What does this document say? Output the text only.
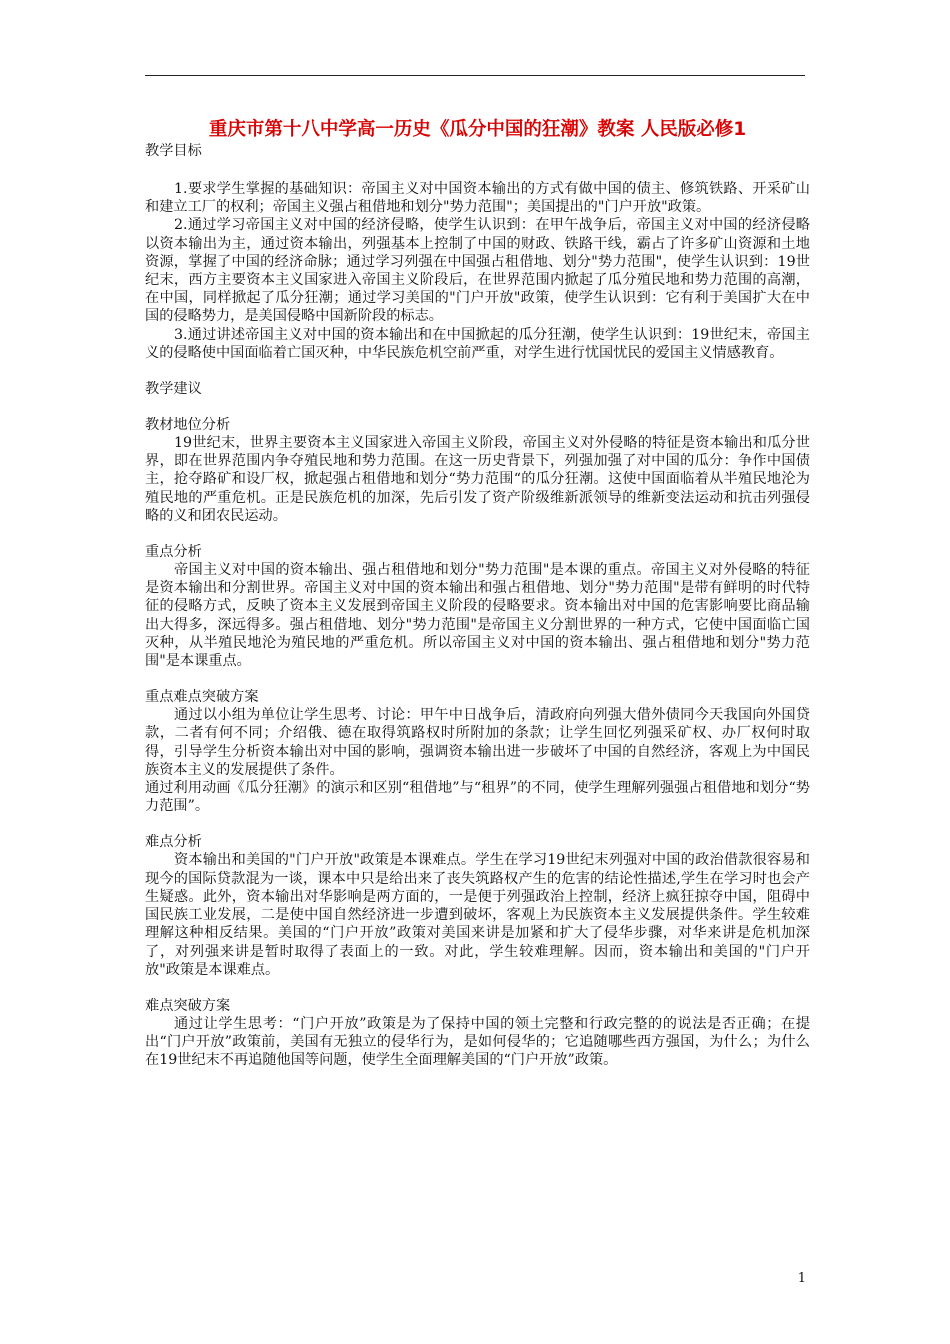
重庆市第十八中学高一历史《瓜分中国的狂潮》教案 人民版必修1
教学目标

1.要求学生掌握的基础知识：帝国主义对中国资本输出的方式有做中国的债主、修筑铁路、开采矿山和建立工厂的权利；帝国主义强占租借地和划分"势力范围"；美国提出的"门户开放"政策。

2.通过学习帝国主义对中国的经济侵略，使学生认识到：在甲午战争后，帝国主义对中国的经济侵略以资本输出为主，通过资本输出，列强基本上控制了中国的财政、铁路干线，霸占了许多矿山资源和土地资源，掌握了中国的经济命脉；通过学习列强在中国强占租借地、划分"势力范围"，使学生认识到：19世纪末，西方主要资本主义国家进入帝国主义阶段后，在世界范围内掀起了瓜分殖民地和势力范围的高潮，在中国，同样掀起了瓜分狂潮；通过学习美国的"门户开放"政策，使学生认识到：它有利于美国扩大在中国的侵略势力，是美国侵略中国新阶段的标志。

3.通过讲述帝国主义对中国的资本输出和在中国掀起的瓜分狂潮，使学生认识到：19世纪末，帝国主义的侵略使中国面临着亡国灭种，中华民族危机空前严重，对学生进行忧国忧民的爱国主义情感教育。

教学建议
教材地位分析

19世纪末，世界主要资本主义国家进入帝国主义阶段，帝国主义对外侵略的特征是资本输出和瓜分世界，即在世界范围内争夺殖民地和势力范围。在这一历史背景下，列强加强了对中国的瓜分：争作中国债主，抢夺路矿和设厂权，掀起强占租借地和划分“势力范围“的瓜分狂潮。这使中国面临着从半殖民地沦为殖民地的严重危机。正是民族危机的加深，先后引发了资产阶级维新派领导的维新变法运动和抗击列强侵略的义和团农民运动。

重点分析

帝国主义对中国的资本输出、强占租借地和划分"势力范围"是本课的重点。帝国主义对外侵略的特征是资本输出和分割世界。帝国主义对中国的资本输出和强占租借地、划分"势力范围"是带有鲜明的时代特征的侵略方式，反映了资本主义发展到帝国主义阶段的侵略要求。资本输出对中国的危害影响要比商品输出大得多，深远得多。强占租借地、划分"势力范围"是帝国主义分割世界的一种方式，它使中国面临亡国灭种，从半殖民地沦为殖民地的严重危机。所以帝国主义对中国的资本输出、强占租借地和划分"势力范围"是本课重点。

重点难点突破方案

通过以小组为单位让学生思考、讨论：甲午中日战争后，清政府向列强大借外债同今天我国向外国贷款，二者有何不同；介绍俄、德在取得筑路权时所附加的条款；让学生回忆列强采矿权、办厂权何时取得，引导学生分析资本输出对中国的影响，强调资本输出进一步破坏了中国的自然经济，客观上为中国民族资本主义的发展提供了条件。

通过利用动画《瓜分狂潮》的演示和区别“租借地”与“租界”的不同，使学生理解列强强占租借地和划分“势力范围”。

难点分析

资本输出和美国的"门户开放"政策是本课难点。学生在学习19世纪末列强对中国的政治借款很容易和现今的国际贷款混为一谈，课本中只是给出来了丧失筑路权产生的危害的结论性描述,学生在学习时也会产生疑惑。此外，资本输出对华影响是两方面的，一是便于列强政治上控制，经济上疯狂掠夺中国，阻碍中国民族工业发展，二是使中国自然经济进一步遭到破坏，客观上为民族资本主义发展提供条件。学生较难理解这种相反结果。美国的“门户开放”政策对美国来讲是加紧和扩大了侵华步骤，对华来讲是危机加深了，对列强来讲是暂时取得了表面上的一致。对此，学生较难理解。因而，资本输出和美国的"门户开放"政策是本课难点。

难点突破方案

通过让学生思考：“门户开放”政策是为了保持中国的领土完整和行政完整的的说法是否正确；在提出“门户开放”政策前，美国有无独立的侵华行为，是如何侵华的；它追随哪些西方强国，为什么；为什么在19世纪末不再追随他国等问题，使学生全面理解美国的“门户开放”政策。

1
